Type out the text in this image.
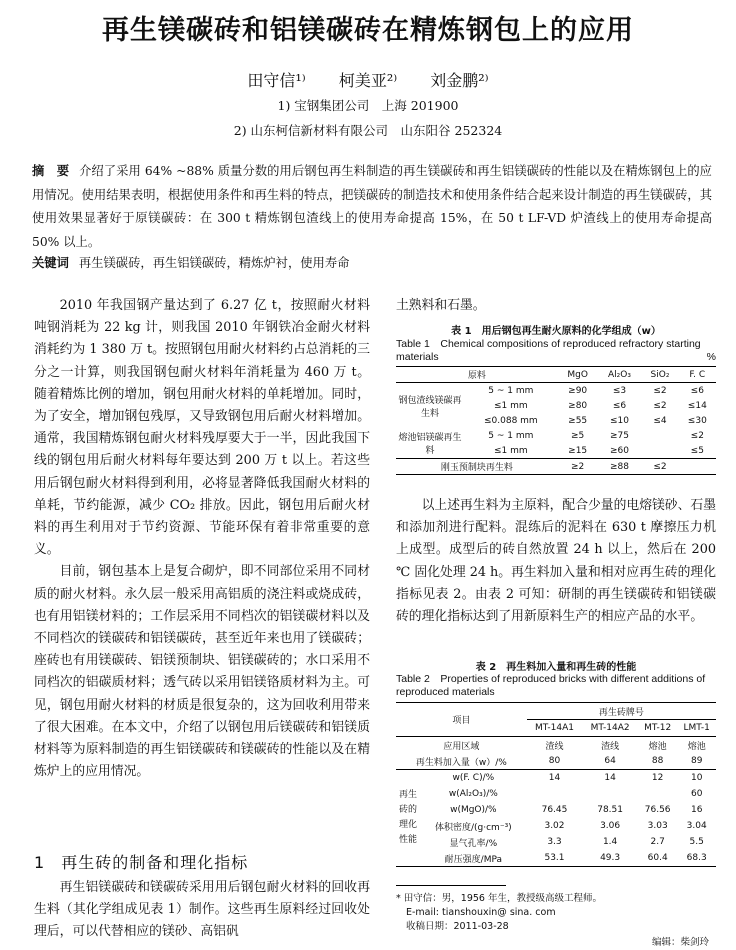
再生镁碳砖和铝镁碳砖在精炼钢包上的应用
田守信¹⁾ 柯美亚²⁾ 刘金鹏²⁾
1) 宝钢集团公司　上海 201900
2) 山东柯信新材料有限公司　山东阳谷 252324
摘　要 介绍了采用 64% ~88% 质量分数的用后钢包再生料制造的再生镁碳砖和再生铝镁碳砖的性能以及在精炼钢包上的应用情况。使用结果表明，根据使用条件和再生料的特点，把镁碳砖的制造技术和使用条件结合起来设计制造的再生镁碳砖，其使用效果显著好于原镁碳砖：在 300 t 精炼钢包渣线上的使用寿命提高 15%，在 50 t LF-VD 炉渣线上的使用寿命提高 50% 以上。
关键词 再生镁碳砖，再生铝镁碳砖，精炼炉衬，使用寿命

2010 年我国钢产量达到了 6.27 亿 t，按照耐火材料吨钢消耗为 22 kg 计，则我国 2010 年钢铁冶金耐火材料消耗约为 1 380 万 t。按照钢包用耐火材料约占总消耗的三分之一计算，则我国钢包耐火材料年消耗量为 460 万 t。随着精炼比例的增加，钢包用耐火材料的单耗增加。同时，为了安全，增加钢包残厚，又导致钢包用后耐火材料增加。通常，我国精炼钢包耐火材料残厚要大于一半，因此我国下线的钢包用后耐火材料每年要达到 200 万 t 以上。若这些用后钢包耐火材料得到利用，必将显著降低我国耐火材料的单耗，节约能源，减少 CO₂ 排放。因此，钢包用后耐火材料的再生利用对于节约资源、节能环保有着非常重要的意义。

目前，钢包基本上是复合砌炉，即不同部位采用不同材质的耐火材料。永久层一般采用高铝质的浇注料或烧成砖，也有用铝镁材料的；工作层采用不同档次的铝镁碳材料以及不同档次的镁碳砖和铝镁碳砖，甚至近年来也用了镁碳砖；座砖也有用镁碳砖、铝镁预制块、铝镁碳砖的；水口采用不同档次的铝碳质材料；透气砖以采用铝镁铬质材料为主。可见，钢包用耐火材料的材质是很复杂的，这为回收利用带来了很大困难。在本文中，介绍了以钢包用后镁碳砖和铝镁质材料等为原料制造的再生铝镁碳砖和镁碳砖的性能以及在精炼炉上的应用情况。

1 再生砖的制备和理化指标

再生铝镁碳砖和镁碳砖采用用后钢包耐火材料的回收再生料（其化学组成见表 1）制作。这些再生原料经过回收处理后，可以代替相应的镁砂、高铝矾

土熟料和石墨。
表 1　用后钢包再生耐火原料的化学组成（w）
Table 1　Chemical compositions of reproduced refractory starting materials	%
原料		MgO	Al₂O₃	SiO₂	F. C
钢包渣线镁碳再生料	5 ~ 1 mm	≥90	≤3	≤2	≤6
	≤1 mm	≥80	≤6	≤2	≤14
	≤0.088 mm	≥55	≤10	≤4	≤30
熔池铝镁碳再生料	5 ~ 1 mm	≥5	≥75		≤2
	≤1 mm	≥15	≥60		≤5
刚玉预制块再生料		≥2	≥88	≤2	

以上述再生料为主原料，配合少量的电熔镁砂、石墨和添加剂进行配料。混练后的泥料在 630 t 摩擦压力机上成型。成型后的砖自然放置 24 h 以上，然后在 200 ℃ 固化处理 24 h。再生料加入量和相对应再生砖的理化指标见表 2。由表 2 可知：研制的再生镁碳砖和铝镁碳砖的理化指标达到了用新原料生产的相应产品的水平。

表 2　再生料加入量和再生砖的性能
Table 2　Properties of reproduced bricks with different additions of reproduced materials
项目		再生砖牌号			
		MT-14A1	MT-14A2	MT-12	LMT-1
应用区域		渣线	渣线	熔池	熔池
再生料加入量（w）/%		80	64	88	89
再生砖的理化性能	w(F. C)/%	14	14	12	10
	w(Al₂O₃)/%				60
	w(MgO)/%	76.45	78.51	76.56	16
	体积密度/(g·cm⁻³)	3.02	3.06	3.03	3.04
	显气孔率/%	3.3	1.4	2.7	5.5
	耐压强度/MPa	53.1	49.3	60.4	68.3
* 田守信：男，1956 年生，教授级高级工程师。
E-mail: tianshouxin@ sina. com
收稿日期：2011-03-28
编辑：柴剑玲
